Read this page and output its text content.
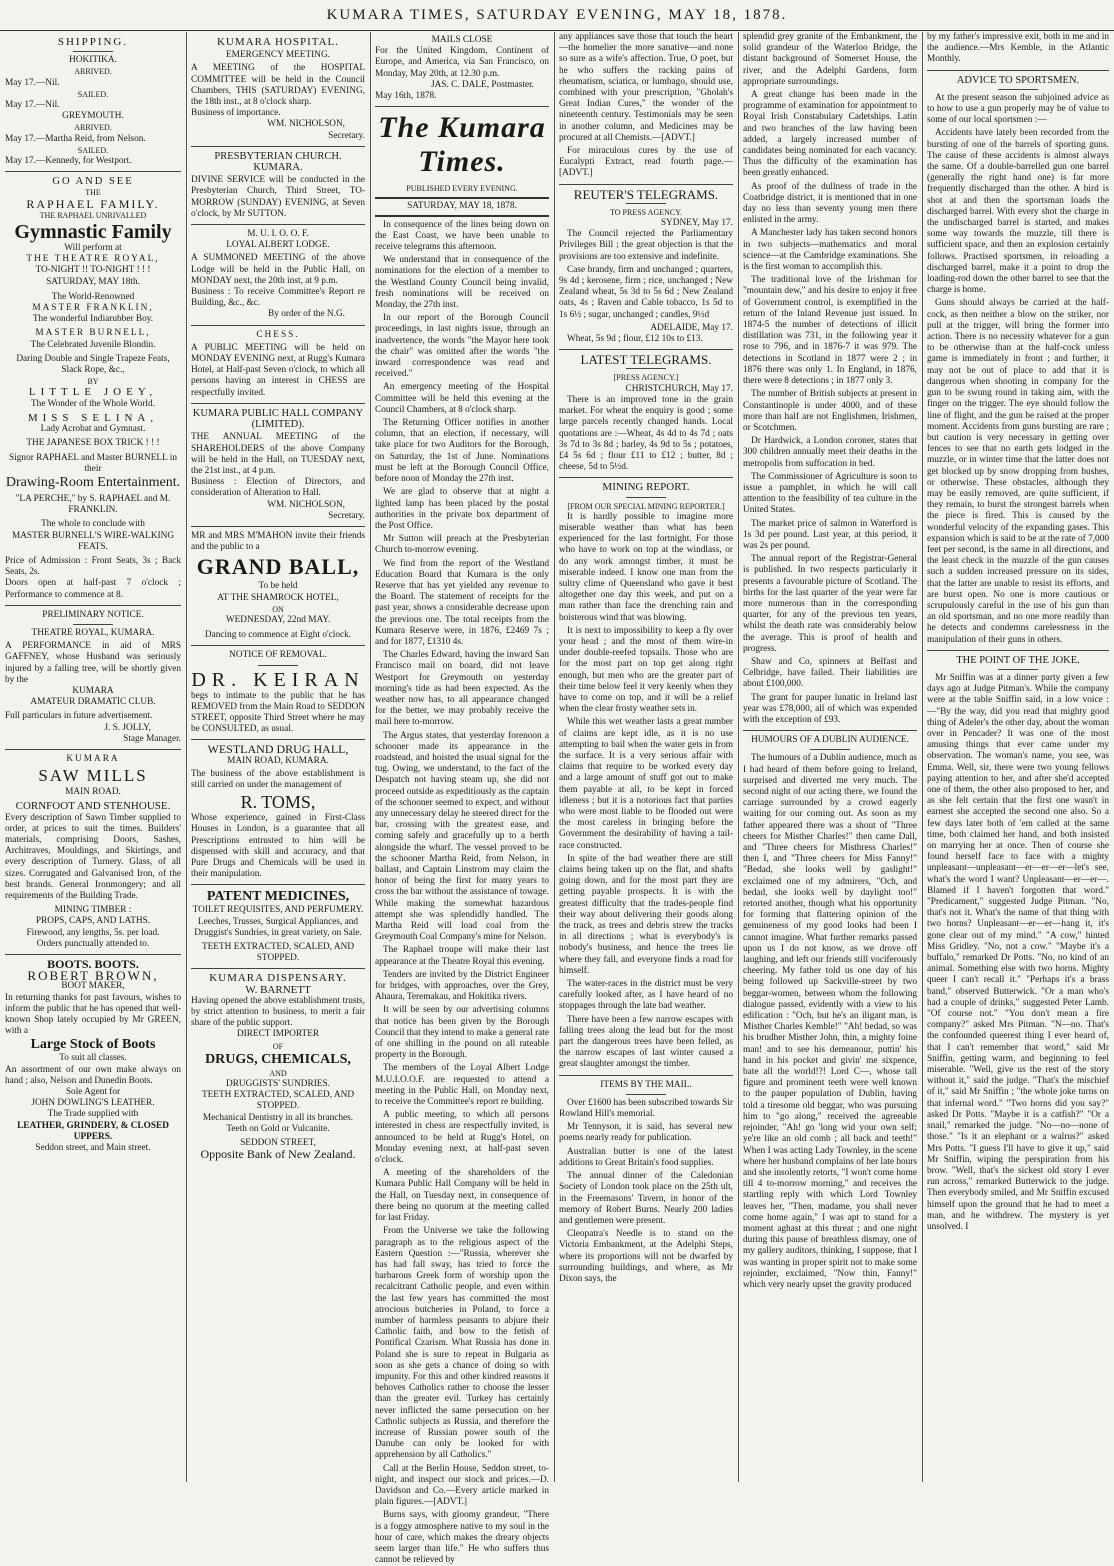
KUMARA TIMES, SATURDAY EVENING, MAY 18, 1878.
SHIPPING.
HOKITIKA.
ARRIVED.
May 17.—Nil.
SAILED.
May 17.—Nil.
GREYMOUTH.
ARRIVED.
May 17.—Martha Reid, from Nelson.
SAILED.
May 17.—Kennedy, for Westport.
GO AND SEE
THE
RAPHAEL FAMILY.
THE RAPHAEL UNRIVALLED
Gymnastic Family
Will perform at
THE THEATRE ROYAL,
TO-NIGHT !! TO-NIGHT ! ! !
SATURDAY, MAY 18th.
The World-Renowned
MASTER FRANKLIN,
The wonderful Indiarubber Boy.
MASTER BURNELL,
The Celebrated Juvenile Blondin.
Daring Double and Single Trapeze Feats, Slack Rope, &c.,
BY
LITTLE JOEY,
The Wonder of the Whole World.
MISS SELINA,
Lady Acrobat and Gymnast.
THE JAPANESE BOX TRICK ! ! !
Signor RAPHAEL and Master BURNELL in their
Drawing-Room Entertainment.
"LA PERCHE," by S. RAPHAEL and M. FRANKLIN.
The whole to conclude with
MASTER BURNELL'S WIRE-WALKING FEATS.
Price of Admission : Front Seats, 3s ; Back Seats, 2s.
Doors open at half-past 7 o'clock ; Performance to commence at 8.
PRELIMINARY NOTICE.
THEATRE ROYAL, KUMARA.
A PERFORMANCE in aid of MRS GAFFNEY, whose Husband was seriously injured by a falling tree, will be shortly given by the
KUMARA
AMATEUR DRAMATIC CLUB.
Full particulars in future advertisement.
J. S. JOLLY,
Stage Manager.
KUMARA
SAW MILLS
MAIN ROAD.
CORNFOOT AND STENHOUSE.
Every description of Sawn Timber supplied to order, at prices to suit the times. Builders' materials, comprising Doors, Sashes, Architraves, Mouldings, and Skirtings, and every description of Turnery. Glass, of all sizes. Corrugated and Galvanised Iron, of the best brands. General Ironmongery; and all requirements of the Building Trade.
MINING TIMBER :
PROPS, CAPS, AND LATHS.
Firewood, any lengths, 5s. per load.
Orders punctually attended to.
BOOTS. BOOTS.
ROBERT BROWN,
BOOT MAKER,
In returning thanks for past favours, wishes to inform the public that he has opened that well-known Shop lately occupied by Mr GREEN, with a
Large Stock of Boots
To suit all classes.
An assortment of our own make always on hand ; also, Nelson and Dunedin Boots.
Sole Agent for
JOHN DOWLING'S LEATHER.
The Trade supplied with
LEATHER, GRINDERY, & CLOSED UPPERS.
Seddon street, and Main street.
KUMARA HOSPITAL.
EMERGENCY MEETING.
A MEETING of the HOSPITAL COMMITTEE will be held in the Council Chambers, THIS (SATURDAY) EVENING, the 18th inst., at 8 o'clock sharp.
Business of importance.
WM. NICHOLSON,
Secretary.
PRESBYTERIAN CHURCH. KUMARA.
DIVINE SERVICE will be conducted in the Presbyterian Church, Third Street, TO-MORROW (SUNDAY) EVENING, at Seven o'clock, by Mr SUTTON.
M. U. I. O. O. F.
LOYAL ALBERT LODGE.
A SUMMONED MEETING of the above Lodge will be held in the Public Hall, on MONDAY next, the 20th inst, at 9 p.m.
Business : To receive Committee's Report re Building, &c., &c.
By order of the N.G.
CHESS.
A PUBLIC MEETING will be held on MONDAY EVENING next, at Rugg's Kumara Hotel, at Half-past Seven o'clock, to which all persons having an interest in CHESS are respectfully invited.
KUMARA PUBLIC HALL COMPANY (LIMITED).
THE ANNUAL MEETING of the SHAREHOLDERS of the above Company will be held in the Hall, on TUESDAY next, the 21st inst., at 4 p.m.
Business : Election of Directors, and consideration of Alteration to Hall.
WM. NICHOLSON,
Secretary.
MR and MRS M'MAHON invite their friends and the public to a
GRAND BALL,
To be held
AT THE SHAMROCK HOTEL,
ON
WEDNESDAY, 22nd MAY.
Dancing to commence at Eight o'clock.
NOTICE OF REMOVAL.
DR. KEIRAN
begs to intimate to the public that he has REMOVED from the Main Road to SEDDON STREET, opposite Third Street where he may be CONSULTED, as usual.
WESTLAND DRUG HALL,
MAIN ROAD, KUMARA.
The business of the above establishment is still carried on under the management of
R. TOMS,
Whose experience, gained in First-Class Houses in London, is a guarantee that all Prescriptions entrusted to him will be dispensed with skill and accuracy, and that Pure Drugs and Chemicals will be used in their manipulation.
PATENT MEDICINES,
TOILET REQUISITES, AND PERFUMERY.
Leeches, Trusses, Surgical Appliances, and Druggist's Sundries, in great variety, on Sale.
TEETH EXTRACTED, SCALED, AND STOPPED.
KUMARA DISPENSARY.
W. BARNETT
Having opened the above establishment trusts, by strict attention to business, to merit a fair share of the public support.
DIRECT IMPORTER
OF
DRUGS, CHEMICALS,
AND
DRUGGISTS' SUNDRIES.
TEETH EXTRACTED, SCALED, AND STOPPED.
Mechanical Dentistry in all its branches.
Teeth on Gold or Vulcanite.
SEDDON STREET,
Opposite Bank of New Zealand.
MAILS CLOSE
For the United Kingdom, Continent of Europe, and America, via San Francisco, on Monday, May 20th, at 12.30 p.m.
JAS. C. DALE, Postmaster.
May 16th, 1878.
The Kumara Times.
PUBLISHED EVERY EVENING.
SATURDAY, MAY 18, 1878.

In consequence of the lines being down on the East Coast, we have been unable to receive telegrams this afternoon.

We understand that in consequence of the nominations for the election of a member to the Westland County Council being invalid, fresh nominations will be received on Monday, the 27th inst.

In our report of the Borough Council proceedings, in last nights issue, through an inadvertence, the words "the Mayor here took the chair" was omitted after the words "the inward correspondence was read and received."

An emergency meeting of the Hospital Committee will be held this evening at the Council Chambers, at 8 o'clock sharp.

The Returning Officer notifies in another column, that an election, if necessary, will take place for two Auditors for the Borough, on Saturday, the 1st of June. Nominations must be left at the Borough Council Office, before noon of Monday the 27th inst.

We are glad to observe that at night a lighted lamp has been placed by the postal authorities in the private box department of the Post Office.

Mr Sutton will preach at the Presbyterian Church to-morrow evening.

We find from the report of the Westland Education Board that Kumara is the only Reserve that has yet yielded any revenue to the Board. The statement of receipts for the past year, shows a considerable decrease upon the previous one. The total receipts from the Kumara Reserve were, in 1876, £2469 7s ; and for 1877, £1310 4s.

The Charles Edward, having the inward San Francisco mail on board, did not leave Westport for Greymouth on yesterday morning's tide as had been expected. As the weather now has, to all appearance changed for the better, we may probably receive the mail here to-morrow.

The Argus states, that yesterday forenoon a schooner made its appearance in the roadstead, and hoisted the usual signal for the tug. Owing, we understand, to the fact of the Despatch not having steam up, she did not proceed outside as expeditiously as the captain of the schooner seemed to expect, and without any unnecessary delay he steered direct for the bar, crossing with the greatest ease, and coming safely and gracefully up to a berth alongside the wharf. The vessel proved to be the schooner Martha Reid, from Nelson, in ballast, and Captain Linstrom may claim the honor of being the first for many years to cross the bar without the assistance of towage. While making the somewhat hazardous attempt she was splendidly handled. The Martha Reid will load coal from the Greymouth Coal Company's mine for Nelson.

The Raphael troupe will make their last appearance at the Theatre Royal this evening.

Tenders are invited by the District Engineer for bridges, with approaches, over the Grey, Ahaura, Teremakau, and Hokitika rivers.

It will be seen by our advertising columns that notice has been given by the Borough Council that they intend to make a general rate of one shilling in the pound on all rateable property in the Borough.

The members of the Loyal Albert Lodge M.U.I.O.O.F. are requested to attend a meeting in the Public Hall, on Monday next, to receive the Committee's report re building.

A public meeting, to which all persons interested in chess are respectfully invited, is announced to be held at Rugg's Hotel, on Monday evening next, at half-past seven o'clock.

A meeting of the shareholders of the Kumara Public Hall Company will be held in the Hall, on Tuesday next, in consequence of there being no quorum at the meeting called for last Friday.

From the Universe we take the following paragraph as to the religious aspect of the Eastern Question :—"Russia, wherever she has had fall sway, has tried to force the barbarous Greek form of worship upon the recalcitrant Catholic people, and even within the last few years has committed the most atrocious butcheries in Poland, to force a number of harmless peasants to abjure their Catholic faith, and bow to the fetish of Pontifical Czarism. What Russia has done in Poland she is sure to repeat in Bulgaria as soon as she gets a chance of doing so with impunity. For this and other kindred reasons it behoves Catholics rather to choose the lesser than the greater evil. Turkey has certainly never inflicted the same persecution on her Catholic subjects as Russia, and therefore the increase of Russian power south of the Danube can only be looked for with apprehension by all Catholics."

Call at the Berlin House, Seddon street, to-night, and inspect our stock and prices.—D. Davidson and Co.—Every article marked in plain figures.—[ADVT.]

Burns says, with gloomy grandeur, "There is a foggy atmosphere native to my soul in the hour of care, which makes the dreary objects seem larger than life." He who suffers thus cannot be relieved by

any appliances save those that touch the heart—the homelier the more sanative—and none so sure as a wife's affection. True, O poet, but he who suffers the racking pains of rheumatism, sciatica, or lumbago, should use, combined with your prescription, "Gholah's Great Indian Cures," the wonder of the nineteenth century. Testimonials may be seen in another column, and Medicines may be procured at all Chemists.—[ADVT.]

For miraculous cures by the use of Eucalypti Extract, read fourth page.—[ADVT.]

REUTER'S TELEGRAMS.
TO PRESS AGENCY.
SYDNEY, May 17.

The Council rejected the Parliamentary Privileges Bill ; the great objection is that the provisions are too extensive and indefinite.

Case brandy, firm and unchanged ; quarters, 9s 4d ; kerosene, firm ; rice, unchanged ; New Zealand wheat, 5s 3d to 5s 6d ; New Zealand oats, 4s ; Raven and Cable tobacco, 1s 5d to 1s 6½ ; sugar, unchanged ; candles, 9½d

ADELAIDE, May 17.

Wheat, 5s 9d ; flour, £12 10s to £13.

LATEST TELEGRAMS.
[PRESS AGENCY.]
CHRISTCHURCH, May 17.

There is an improved tone in the grain market. For wheat the enquiry is good ; some large parcels recently changed hands. Local quotations are :—Wheat, 4s 4d to 4s 7d ; oats 3s 7d to 3s 8d ; barley, 4s 9d to 5s ; potatoes, £4 5s 6d ; flour £11 to £12 ; butter, 8d ; cheese, 5d to 5½d.

MINING REPORT.
[FROM OUR SPECIAL MINING REPORTER.]

It is hardly possible to imagine more miserable weather than what has been experienced for the last fortnight. For those who have to work on top at the windlass, or do any work amongst timber, it must be miserable indeed. I know one man from the sultry clime of Queensland who gave it best altogether one day this week, and put on a man rather than face the drenching rain and boisterous wind that was blowing.

It is next to impossibility to keep a fly over your head ; and the most of them wire-in under double-reefed topsails. Those who are for the most part on top get along right enough, but men who are the greater part of their time below feel it very keenly when they have to come on top, and it will be a relief when the clear frosty weather sets in.

While this wet weather lasts a great number of claims are kept idle, as it is no use attempting to bail when the water gets in from the surface. It is a very serious affair with claims that require to be worked every day and a large amount of stuff got out to make them payable at all, to be kept in forced idleness ; but it is a notorious fact that parties who were most liable to be flooded out were the most careless in bringing before the Government the desirability of having a tail-race constructed.

In spite of the bad weather there are still claims being taken up on the flat, and shafts going down, and for the most part they are getting payable prospects. It is with the greatest difficulty that the trades-people find their way about delivering their goods along the track, as trees and debris strew the tracks in all directions ; what is everybody's is nobody's business, and hence the trees lie where they fall, and everyone finds a road for himself.

The water-races in the district must be very carefully looked after, as I have heard of no stoppages through the late bad weather.

There have been a few narrow escapes with falling trees along the lead but for the most part the dangerous trees have been felled, as the narrow escapes of last winter caused a great slaughter amongst the timber.

ITEMS BY THE MAIL.

Over £1600 has been subscribed towards Sir Rowland Hill's memorial.

Mr Tennyson, it is said, has several new poems nearly ready for publication.

Australian butter is one of the latest additions to Great Britain's food supplies.

The annual dinner of the Caledonian Society of London took place on the 25th ult, in the Freemasons' Tavern, in honor of the memory of Robert Burns. Nearly 200 ladies and gentlemen were present.

Cleopatra's Needle is to stand on the Victoria Embankment, at the Adelphi Steps, where its proportions will not be dwarfed by surrounding buildings, and where, as Mr Dixon says, the

splendid grey granite of the Embankment, the solid grandeur of the Waterloo Bridge, the distant background of Somerset House, the river, and the Adelphi Gardens, form appropriate surroundings.

A great change has been made in the programme of examination for appointment to Royal Irish Constabulary Cadetships. Latin and two branches of the law having been added, a largely increased number of candidates being nominated for each vacancy. Thus the difficulty of the examination has been greatly enhanced.

As proof of the dullness of trade in the Coatbridge district, it is mentioned that in one day no less than seventy young men there enlisted in the army.

A Manchester lady has taken second honors in two subjects—mathematics and moral science—at the Cambridge examinations. She is the first woman to accomplish this.

The traditional love of the Irishman for "mountain dew," and his desire to enjoy it free of Government control, is exemplified in the return of the Inland Revenue just issued. In 1874-5 the number of detections of illicit distillation was 731, in the following year it rose to 796, and in 1876-7 it was 979. The detections in Scotland in 1877 were 2 ; in 1876 there was only 1. In England, in 1876, there were 8 detections ; in 1877 only 3.

The number of British subjects at present in Constantinople is under 4000, and of these more than half are not Englishmen, Irishmen, or Scotchmen.

Dr Hardwick, a London coroner, states that 300 children annually meet their deaths in the metropolis from suffocation in bed.

The Commissioner of Agriculture is soon to issue a pamphlet, in which he will call attention to the feasibility of tea culture in the United States.

The market price of salmon in Waterford is 1s 3d per pound. Last year, at this period, it was 2s per pound.

The annual report of the Registrar-General is published. In two respects particularly it presents a favourable picture of Scotland. The births for the last quarter of the year were far more numerous than in the corresponding quarter, for any of the previous ten years, whilst the death rate was considerably below the average. This is proof of health and progress.

Shaw and Co, spinners at Belfast and Celbridge, have failed. Their liabilities are about £100,000.

The grant for pauper lunatic in Ireland last year was £78,000, all of which was expended with the exception of £93.

HUMOURS OF A DUBLIN AUDIENCE.

The humours of a Dublin audience, much as I had heard of them before going to Ireland, surprised and diverted me very much. The second night of our acting there, we found the carriage surrounded by a crowd eagerly waiting for our coming out. As soon as my father appeared there was a shout of "Three cheers for Misther Charles!" then came Dall, and "Three cheers for Misthress Charles!" then I, and "Three cheers for Miss Fanny!" "Bedad, she looks well by gaslight!" exclaimed one of my admirers, "Och, and bedad, she looks well by daylight too!" retorted another, though what his opportunity for forming that flattering opinion of the genuineness of my good looks had been I cannot imagine. What further remarks passed upon us I do not know, as we drove off laughing, and left our friends still vociferously cheering. My father told us one day of his being followed up Sackville-street by two beggar-women, between whom the following dialogue passed, evidently with a view to his edification : "Och, but he's an iligant man, is Misther Charles Kemble!" "Ah! bedad, so was his brudher Misther John, thin, a mighty foine man! and to see his demeanour, puttin' his hand in his pocket and givin' me sixpence, bate all the world!?! Lord C—, whose tall figure and prominent teeth were well known to the pauper population of Dublin, having told a tiresome old beggar, who was pursuing him to "go along," received the agreeable rejoinder, "Ah! go 'long wid your own self; ye're like an old comb ; all back and teeth!" When I was acting Lady Townley, in the scene where her husband complains of her late hours and she insolently retorts, "I won't come home till 4 to-morrow morning," and receives the startling reply with which Lord Townley leaves her, "Then, madame, you shall never come home again," I was apt to stand for a moment aghast at this threat ; and one night during this pause of breathless dismay, one of my gallery auditors, thinking, I suppose, that I was wanting in proper spirit not to make some rejoinder, exclaimed, "Now thin, Fanny!" which very nearly upset the gravity produced

by my father's impressive exit, both in me and in the audience.—Mrs Kemble, in the Atlantic Monthly.

ADVICE TO SPORTSMEN.

At the present season the subjoined advice as to how to use a gun properly may be of value to some of our local sportsmen :—

Accidents have lately been recorded from the bursting of one of the barrels of sporting guns. The cause of these accidents is almost always the same. Of a double-barrelled gun one barrel (generally the right hand one) is far more frequently discharged than the other. A bird is shot at and then the sportsman loads the discharged barrel. With every shot the charge in the undischarged barrel is started, and makes some way towards the muzzle, till there is sufficient space, and then an explosion certainly follows. Practised sportsmen, in reloading a discharged barrel, make it a point to drop the loading-rod down the other barrel to see that the charge is home.

Guns should always be carried at the half-cock, as then neither a blow on the striker, nor pull at the trigger, will bring the former into action. There is no necessity whatever for a gun to be otherwise than at the half-cock unless game is immediately in front ; and further, it may not be out of place to add that it is dangerous when shooting in company for the gun to be swung round in taking aim, with the finger on the trigger. The eye should follow the line of flight, and the gun be raised at the proper moment. Accidents from guns bursting are rare ; but caution is very necessary in getting over fences to see that no earth gets lodged in the muzzle, or in winter time that the latter does not get blocked up by snow dropping from bushes, or otherwise. These obstacles, although they may be easily removed, are quite sufficient, if they remain, to burst the strongest barrels when the piece is fired. This is caused by the wonderful velocity of the expanding gases. This expansion which is said to be at the rate of 7,000 feet per second, is the same in all directions, and the least check in the muzzle of the gun causes such a sudden increased pressure on its sides, that the latter are unable to resist its efforts, and are burst open. No one is more cautious or scrupulously careful in the use of his gun than an old sportsman, and no one more readily than he detects and condemns carelessness in the manipulation of their guns in others.

THE POINT OF THE JOKE.

Mr Sniffin was at a dinner party given a few days ago at Judge Pitman's. While the company were at the table Sniffin said, in a low voice :—"By the way, did you read that mighty good thing of Adeler's the other day, about the woman over in Pencader? It was one of the most amusing things that ever came under my observation. The woman's name, you see, was Emma. Well, sir, there were two young fellows paying attention to her, and after she'd accepted one of them, the other also proposed to her, and as she felt certain that the first one wasn't in earnest she accepted the second one also. So a few days later both of 'em called at the same time, both claimed her hand, and both insisted on marrying her at once. Then of course she found herself face to face with a mighty unpleasant—unpleasant—er—er—er—let's see, what's the word I want? Unpleasant—er—er—. Blamed if I haven't forgotten that word." "Predicament," suggested Judge Pitman. "No, that's not it. What's the name of that thing with two horns? Unpleasant—er—er—hang it, it's gone clear out of my mind." "A cow," hinted Miss Gridley. "No, not a cow." "Maybe it's a buffalo," remarked Dr Potts. "No, no kind of an animal. Something else with two horns. Mighty queer I can't recall it." "Perhaps it's a brass band," observed Butterwick. "Or a man who's had a couple of drinks," suggested Peter Lamb. "Of course not." "You don't mean a fire company?" asked Mrs Pitman. "N—no. That's the confounded queerest thing I ever heard of, that I can't remember that word," said Mr Sniffin, getting warm, and beginning to feel miserable. "Well, give us the rest of the story without it," said the judge. "That's the mischief of it," said Mr Sniffin ; "the whole joke turns on that infernal word." "Two horns did you say?" asked Dr Potts. "Maybe it is a catfish?" "Or a snail," remarked the judge. "No—no—none of those." "Is it an elephant or a walrus?" asked Mrs Potts. "I guess I'll have to give it up," said Mr Sniffin, wiping the perspiration from his brow. "Well, that's the sickest old story I ever run across," remarked Butterwick to the judge. Then everybody smiled, and Mr Sniffin excused himself upon the ground that he had to meet a man, and he withdrew. The mystery is yet unsolved. I
